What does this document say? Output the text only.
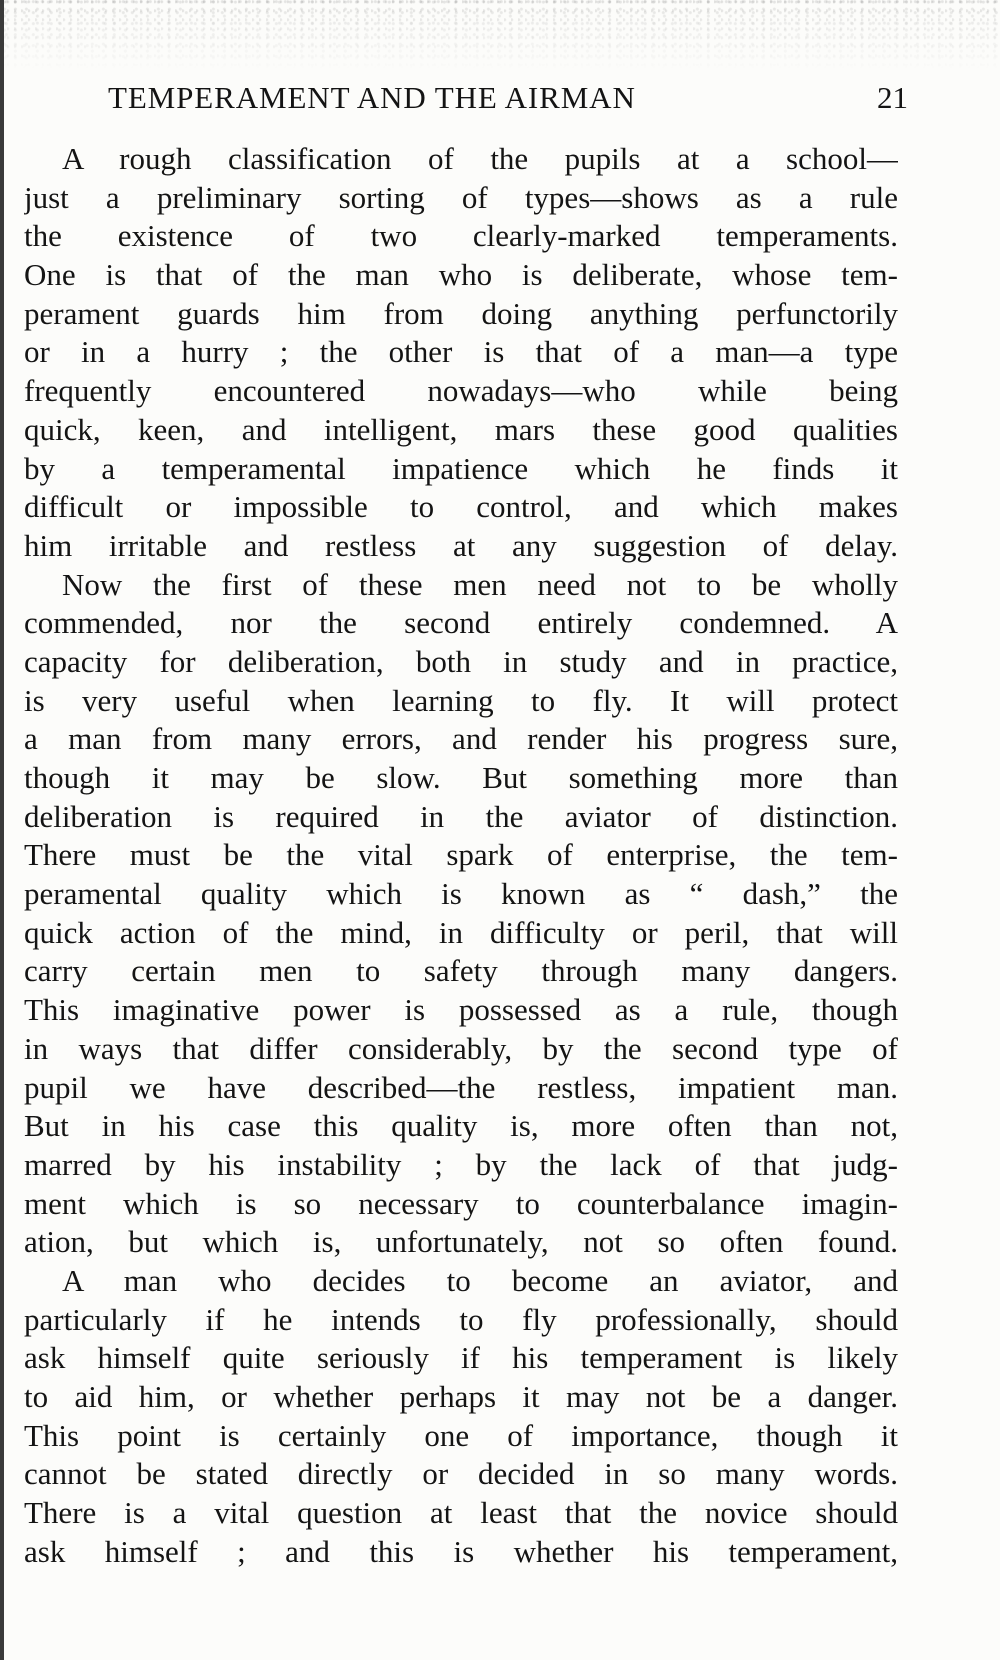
TEMPERAMENT AND THE AIRMAN	21
A rough classification of the pupils at a school—
just a preliminary sorting of types—shows as a rule
the existence of two clearly-marked temperaments.
One is that of the man who is deliberate, whose tem-
perament guards him from doing anything perfunctorily
or in a hurry ; the other is that of a man—a type
frequently encountered nowadays—who while being
quick, keen, and intelligent, mars these good qualities
by a temperamental impatience which he finds it
difficult or impossible to control, and which makes
him irritable and restless at any suggestion of delay.
Now the first of these men need not to be wholly
commended, nor the second entirely condemned. A
capacity for deliberation, both in study and in practice,
is very useful when learning to fly. It will protect
a man from many errors, and render his progress sure,
though it may be slow. But something more than
deliberation is required in the aviator of distinction.
There must be the vital spark of enterprise, the tem-
peramental quality which is known as “ dash,” the
quick action of the mind, in difficulty or peril, that will
carry certain men to safety through many dangers.
This imaginative power is possessed as a rule, though
in ways that differ considerably, by the second type of
pupil we have described—the restless, impatient man.
But in his case this quality is, more often than not,
marred by his instability ; by the lack of that judg-
ment which is so necessary to counterbalance imagin-
ation, but which is, unfortunately, not so often found.
A man who decides to become an aviator, and
particularly if he intends to fly professionally, should
ask himself quite seriously if his temperament is likely
to aid him, or whether perhaps it may not be a danger.
This point is certainly one of importance, though it
cannot be stated directly or decided in so many words.
There is a vital question at least that the novice should
ask himself ; and this is whether his temperament,
